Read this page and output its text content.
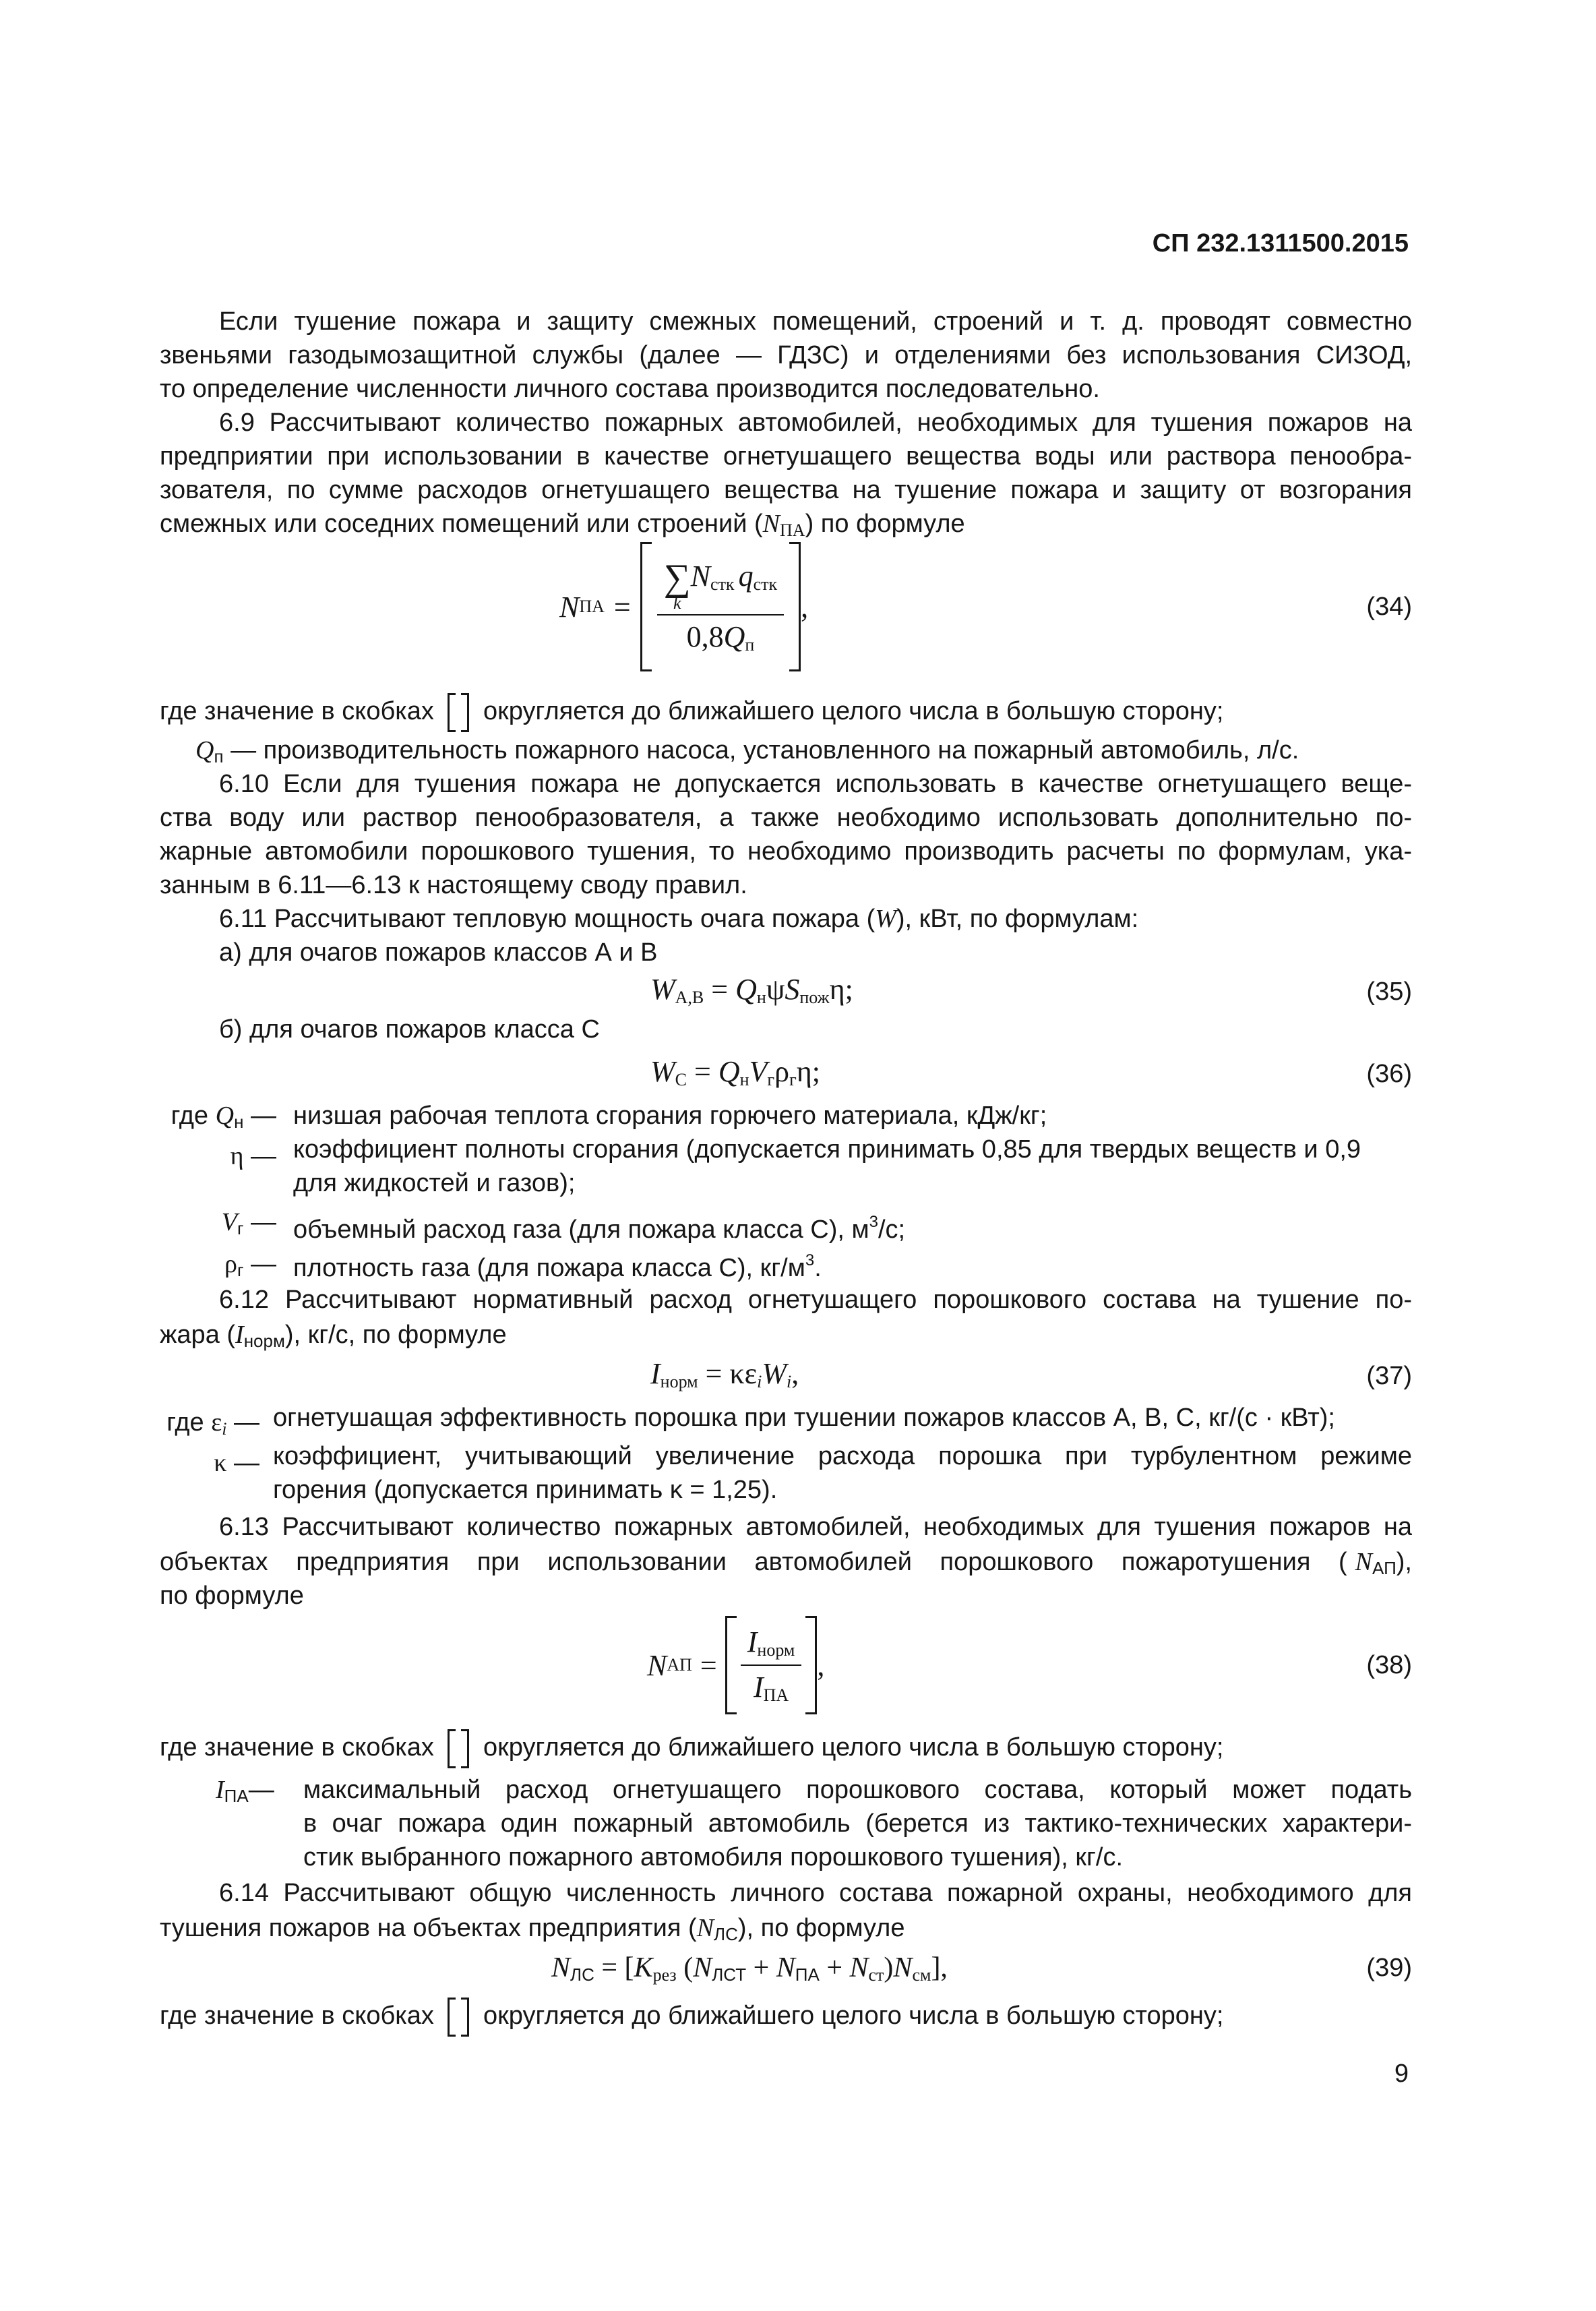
СП 232.1311500.2015
Если тушение пожара и защиту смежных помещений, строений и т. д. проводят совместно
звеньями газодымозащитной службы (далее — ГДЗС) и отделениями без использования СИЗОД,
то определение численности личного состава производится последовательно.
6.9 Рассчитывают количество пожарных автомобилей, необходимых для тушения пожаров на
предприятии при использовании в качестве огнетушащего вещества воды или раствора пенообра-
зователя, по сумме расходов огнетушащего вещества на тушение пожара и защиту от возгорания
смежных или соседних помещений или строений $(N_{ПА})$ по формуле
N ПА = ∑
k
$N_{стк}$ $q_{стк}$
$0,8Q_п$ ,	(34)
где значение в скобках округляется до ближайшего целого числа в большую сторону;
$Q_п$ — производительность пожарного насоса, установленного на пожарный автомобиль, л/с.
6.10 Если для тушения пожара не допускается использовать в качестве огнетушащего веще-
ства воду или раствор пенообразователя, а также необходимо использовать дополнительно по-
жарные автомобили порошкового тушения, то необходимо производить расчеты по формулам, ука-
занным в 6.11—6.13 к настоящему своду правил.
6.11 Рассчитывают тепловую мощность очага пожара (W), кВт, по формулам:
а) для очагов пожаров классов А и В
$W_{А,В} = Q_н\psi S_{пож}\eta$;	(35)
б) для очагов пожаров класса С
$W_С = Q_нV_г\rho_г\eta$;	(36)
где $Q_н$ — низшая рабочая теплота сгорания горючего материала, кДж/кг;
η — коэффициент полноты сгорания (допускается принимать 0,85 для твердых веществ и 0,9
для жидкостей и газов);
$V_г$ — объемный расход газа (для пожара класса С), $м^3/с$;
$\rho_г$ — плотность газа (для пожара класса С), $кг/м^3$.
6.12 Рассчитывают нормативный расход огнетушащего порошкового состава на тушение по-
жара $(I_{норм})$, кг/с, по формуле
$I_{норм} = \kappa\varepsilon_iW_i$,	(37)
где $\varepsilon_i$ — огнетушащая эффективность порошка при тушении пожаров классов А, В, С, кг/(с · кВт);
κ — коэффициент, учитывающий увеличение расхода порошка при турбулентном режиме
горения (допускается принимать κ = 1,25).
6.13 Рассчитывают количество пожарных автомобилей, необходимых для тушения пожаров на
объектах предприятия при использовании автомобилей порошкового пожаротушения ( $N_{АП}$),
по формуле
N АП = $\frac{I_{норм}}{I_{ПА}}$ ,	(38)
где значение в скобках округляется до ближайшего целого числа в большую сторону;
$I_{ПА}—$ максимальный расход огнетушащего порошкового состава, который может подать
в очаг пожара один пожарный автомобиль (берется из тактико-технических характери-
стик выбранного пожарного автомобиля порошкового тушения), кг/с.
6.14 Рассчитывают общую численность личного состава пожарной охраны, необходимого для
тушения пожаров на объектах предприятия $(N_{ЛС})$, по формуле
$N_{ЛС} = [K_{рез}$ $(N_{ЛСТ} + N_{ПА} + N_{ст})N_{см}$],	(39)
где значение в скобках округляется до ближайшего целого числа в большую сторону;
9
